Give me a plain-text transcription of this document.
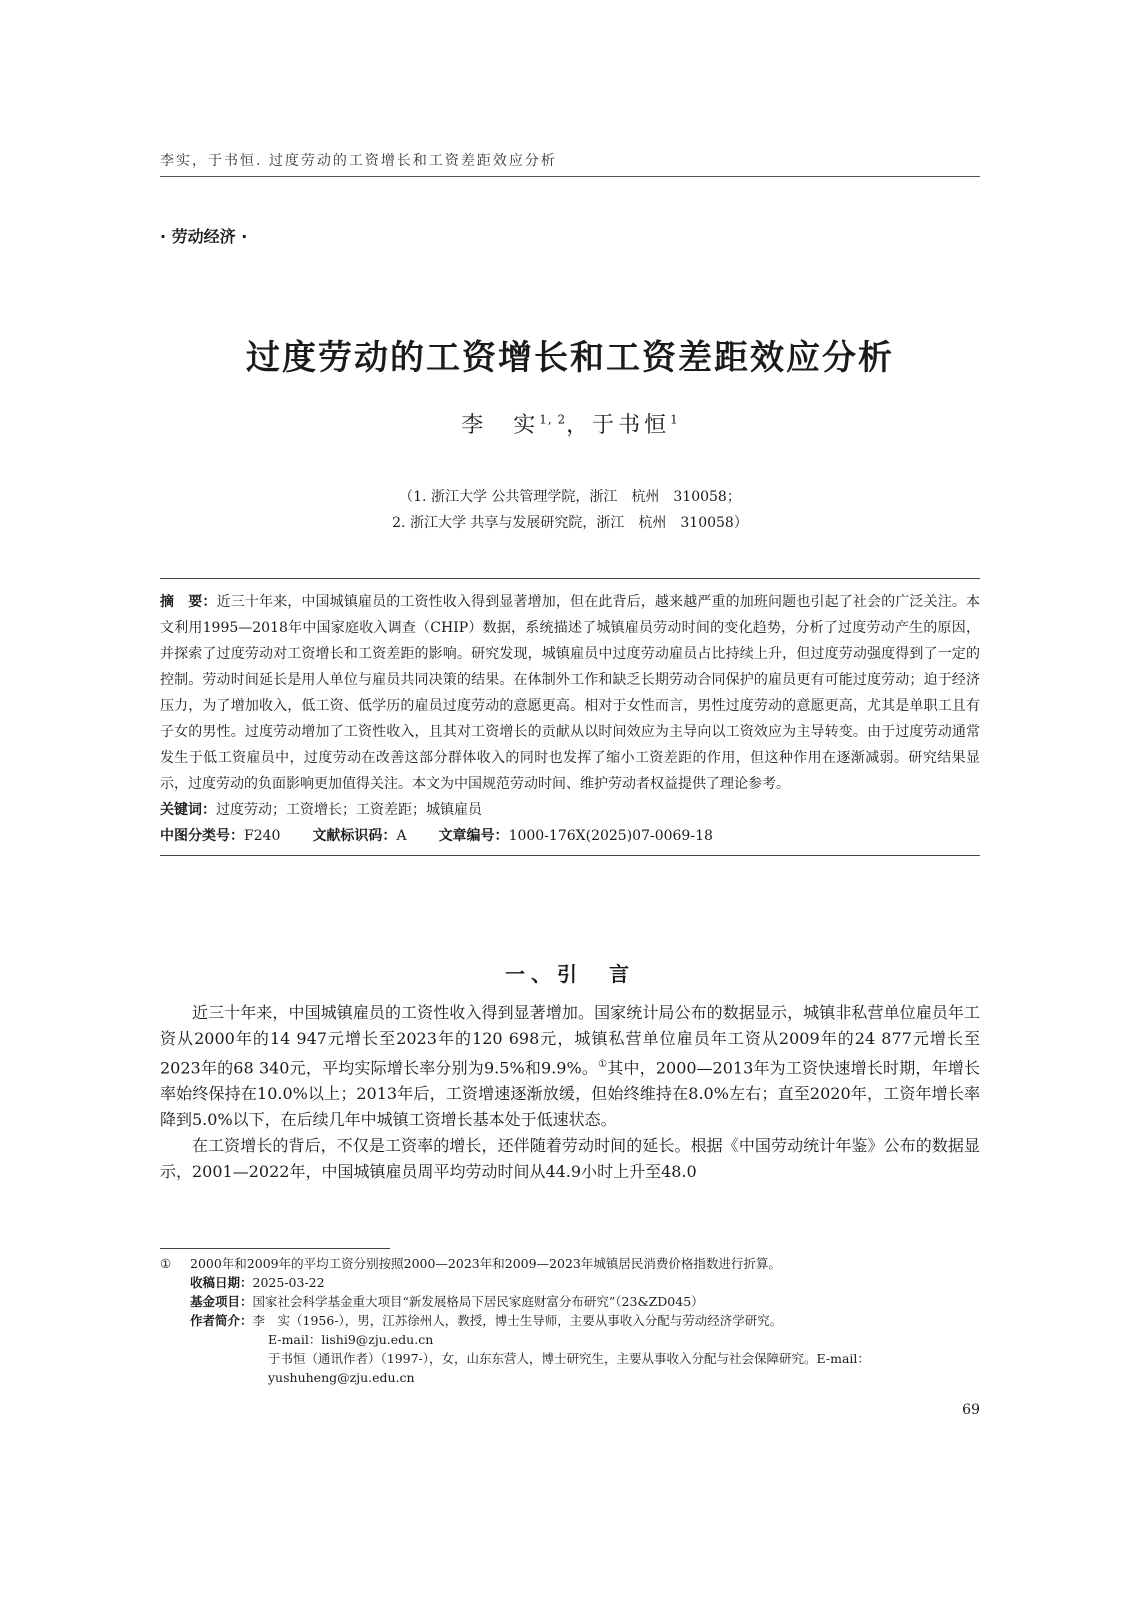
李实，于书恒. 过度劳动的工资增长和工资差距效应分析
· 劳动经济 ·
过度劳动的工资增长和工资差距效应分析
李　实$^{1, 2}$，于书恒$^1$
（1. 浙江大学 公共管理学院，浙江　杭州　310058；
2. 浙江大学 共享与发展研究院，浙江　杭州　310058）

摘　要：近三十年来，中国城镇雇员的工资性收入得到显著增加，但在此背后，越来越严重的加班问题也引起了社会的广泛关注。本文利用1995—2018年中国家庭收入调查（CHIP）数据，系统描述了城镇雇员劳动时间的变化趋势，分析了过度劳动产生的原因，并探索了过度劳动对工资增长和工资差距的影响。研究发现，城镇雇员中过度劳动雇员占比持续上升，但过度劳动强度得到了一定的控制。劳动时间延长是用人单位与雇员共同决策的结果。在体制外工作和缺乏长期劳动合同保护的雇员更有可能过度劳动；迫于经济压力，为了增加收入，低工资、低学历的雇员过度劳动的意愿更高。相对于女性而言，男性过度劳动的意愿更高，尤其是单职工且有子女的男性。过度劳动增加了工资性收入，且其对工资增长的贡献从以时间效应为主导向以工资效应为主导转变。由于过度劳动通常发生于低工资雇员中，过度劳动在改善这部分群体收入的同时也发挥了缩小工资差距的作用，但这种作用在逐渐减弱。研究结果显示，过度劳动的负面影响更加值得关注。本文为中国规范劳动时间、维护劳动者权益提供了理论参考。

关键词：过度劳动；工资增长；工资差距；城镇雇员
中图分类号：F240 文献标识码：A 文章编号：1000-176X(2025)07-0069-18
一、引　言

近三十年来，中国城镇雇员的工资性收入得到显著增加。国家统计局公布的数据显示，城镇非私营单位雇员年工资从2000年的14 947元增长至2023年的120 698元，城镇私营单位雇员年工资从2009年的24 877元增长至2023年的68 340元，平均实际增长率分别为9.5%和9.9%。①其中，2000—2013年为工资快速增长时期，年增长率始终保持在10.0%以上；2013年后，工资增速逐渐放缓，但始终维持在8.0%左右；直至2020年，工资年增长率降到5.0%以下，在后续几年中城镇工资增长基本处于低速状态。

在工资增长的背后，不仅是工资率的增长，还伴随着劳动时间的延长。根据《中国劳动统计年鉴》公布的数据显示，2001—2022年，中国城镇雇员周平均劳动时间从44.9小时上升至48.0

①	2000年和2009年的平均工资分别按照2000—2023年和2009—2023年城镇居民消费价格指数进行折算。
收稿日期：2025-03-22
基金项目：国家社会科学基金重大项目“新发展格局下居民家庭财富分布研究”（23&ZD045）
作者简介：李　实（1956-），男，江苏徐州人，教授，博士生导师，主要从事收入分配与劳动经济学研究。
E-mail：lishi9@zju.edu.cn
于书恒（通讯作者）（1997-），女，山东东营人，博士研究生，主要从事收入分配与社会保障研究。E-mail：
yushuheng@zju.edu.cn
69
